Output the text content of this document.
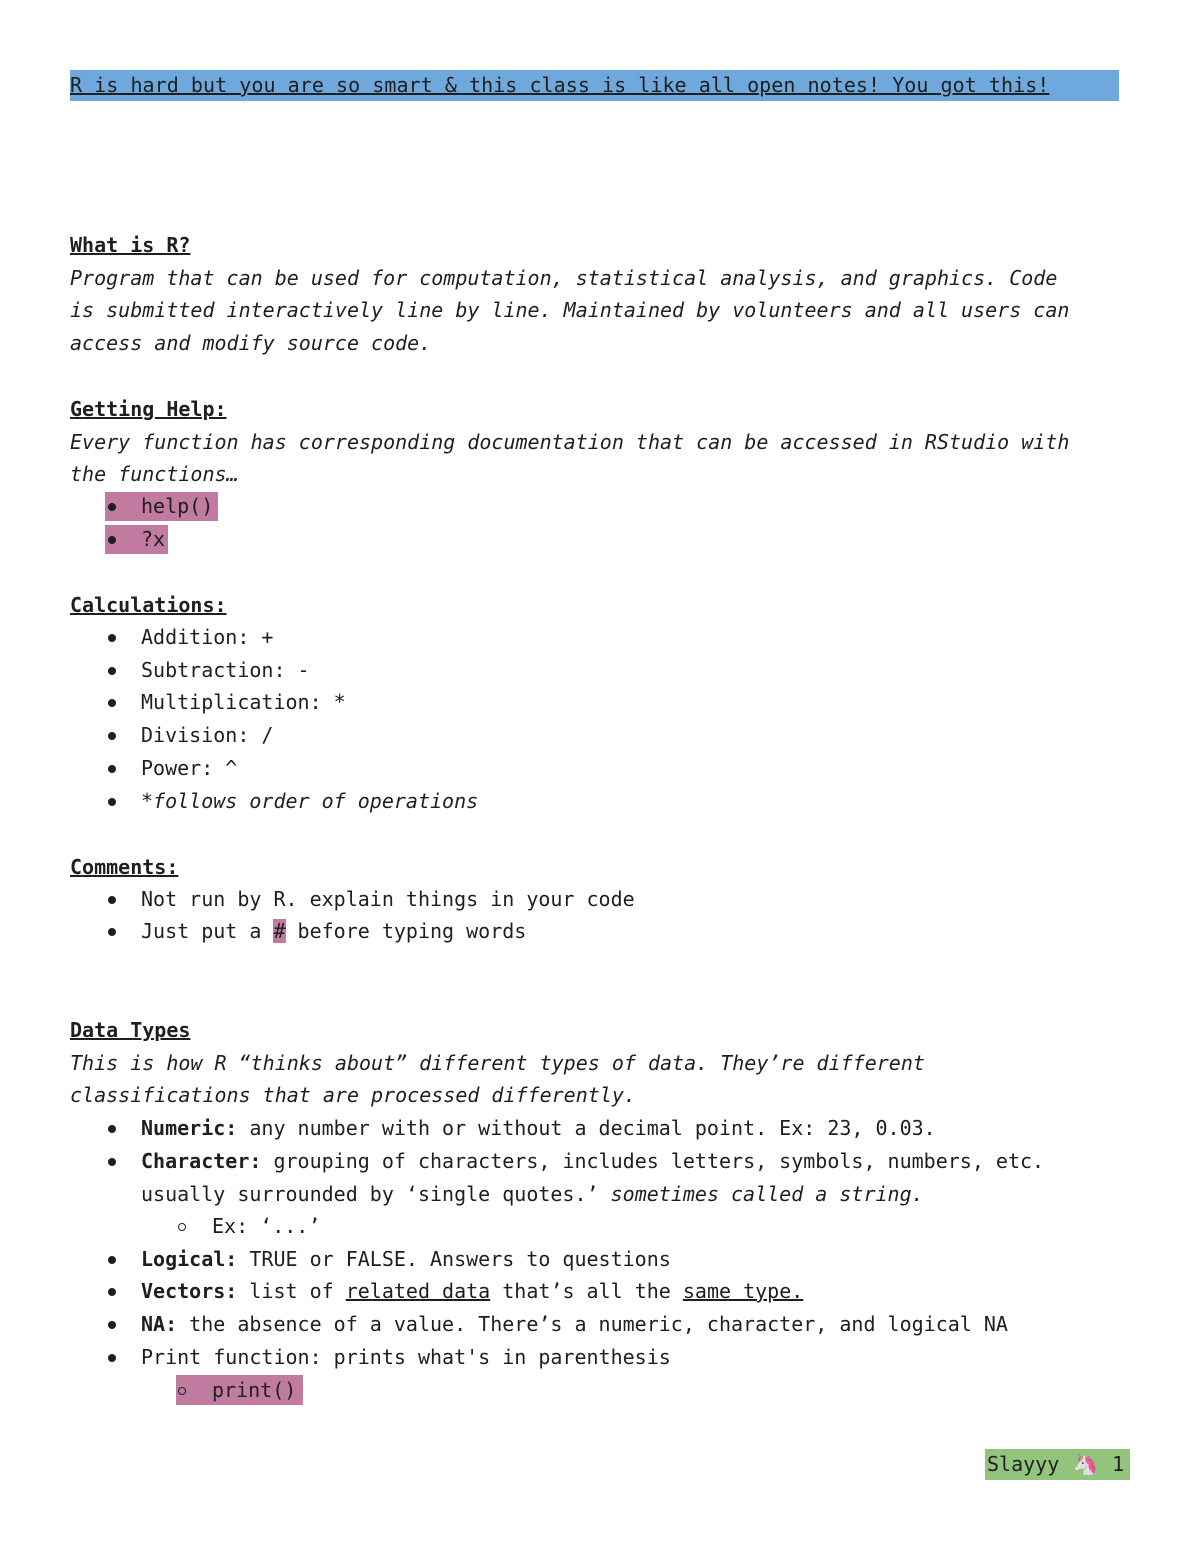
R is hard but you are so smart & this class is like all open notes! You got this!
What is R?
Program that can be used for computation, statistical analysis, and graphics. Code
is submitted interactively line by line. Maintained by volunteers and all users can
access and modify source code.
Getting Help:
Every function has corresponding documentation that can be accessed in RStudio with
the functions…
help()
?x
Calculations:
Addition: +
Subtraction: -
Multiplication: *
Division: /
Power: ^
*follows order of operations
Comments:
Not run by R. explain things in your code
Just put a # before typing words
Data Types
This is how R “thinks about” different types of data. They’re different
classifications that are processed differently.
Numeric: any number with or without a decimal point. Ex: 23, 0.03.
Character: grouping of characters, includes letters, symbols, numbers, etc.
usually surrounded by ‘single quotes.’ sometimes called a string.
Ex: ‘...’
Logical: TRUE or FALSE. Answers to questions
Vectors: list of related data that’s all the same type.
NA: the absence of a value. There’s a numeric, character, and logical NA
Print function: prints what's in parenthesis
print()
Slayyy 🦄 1
